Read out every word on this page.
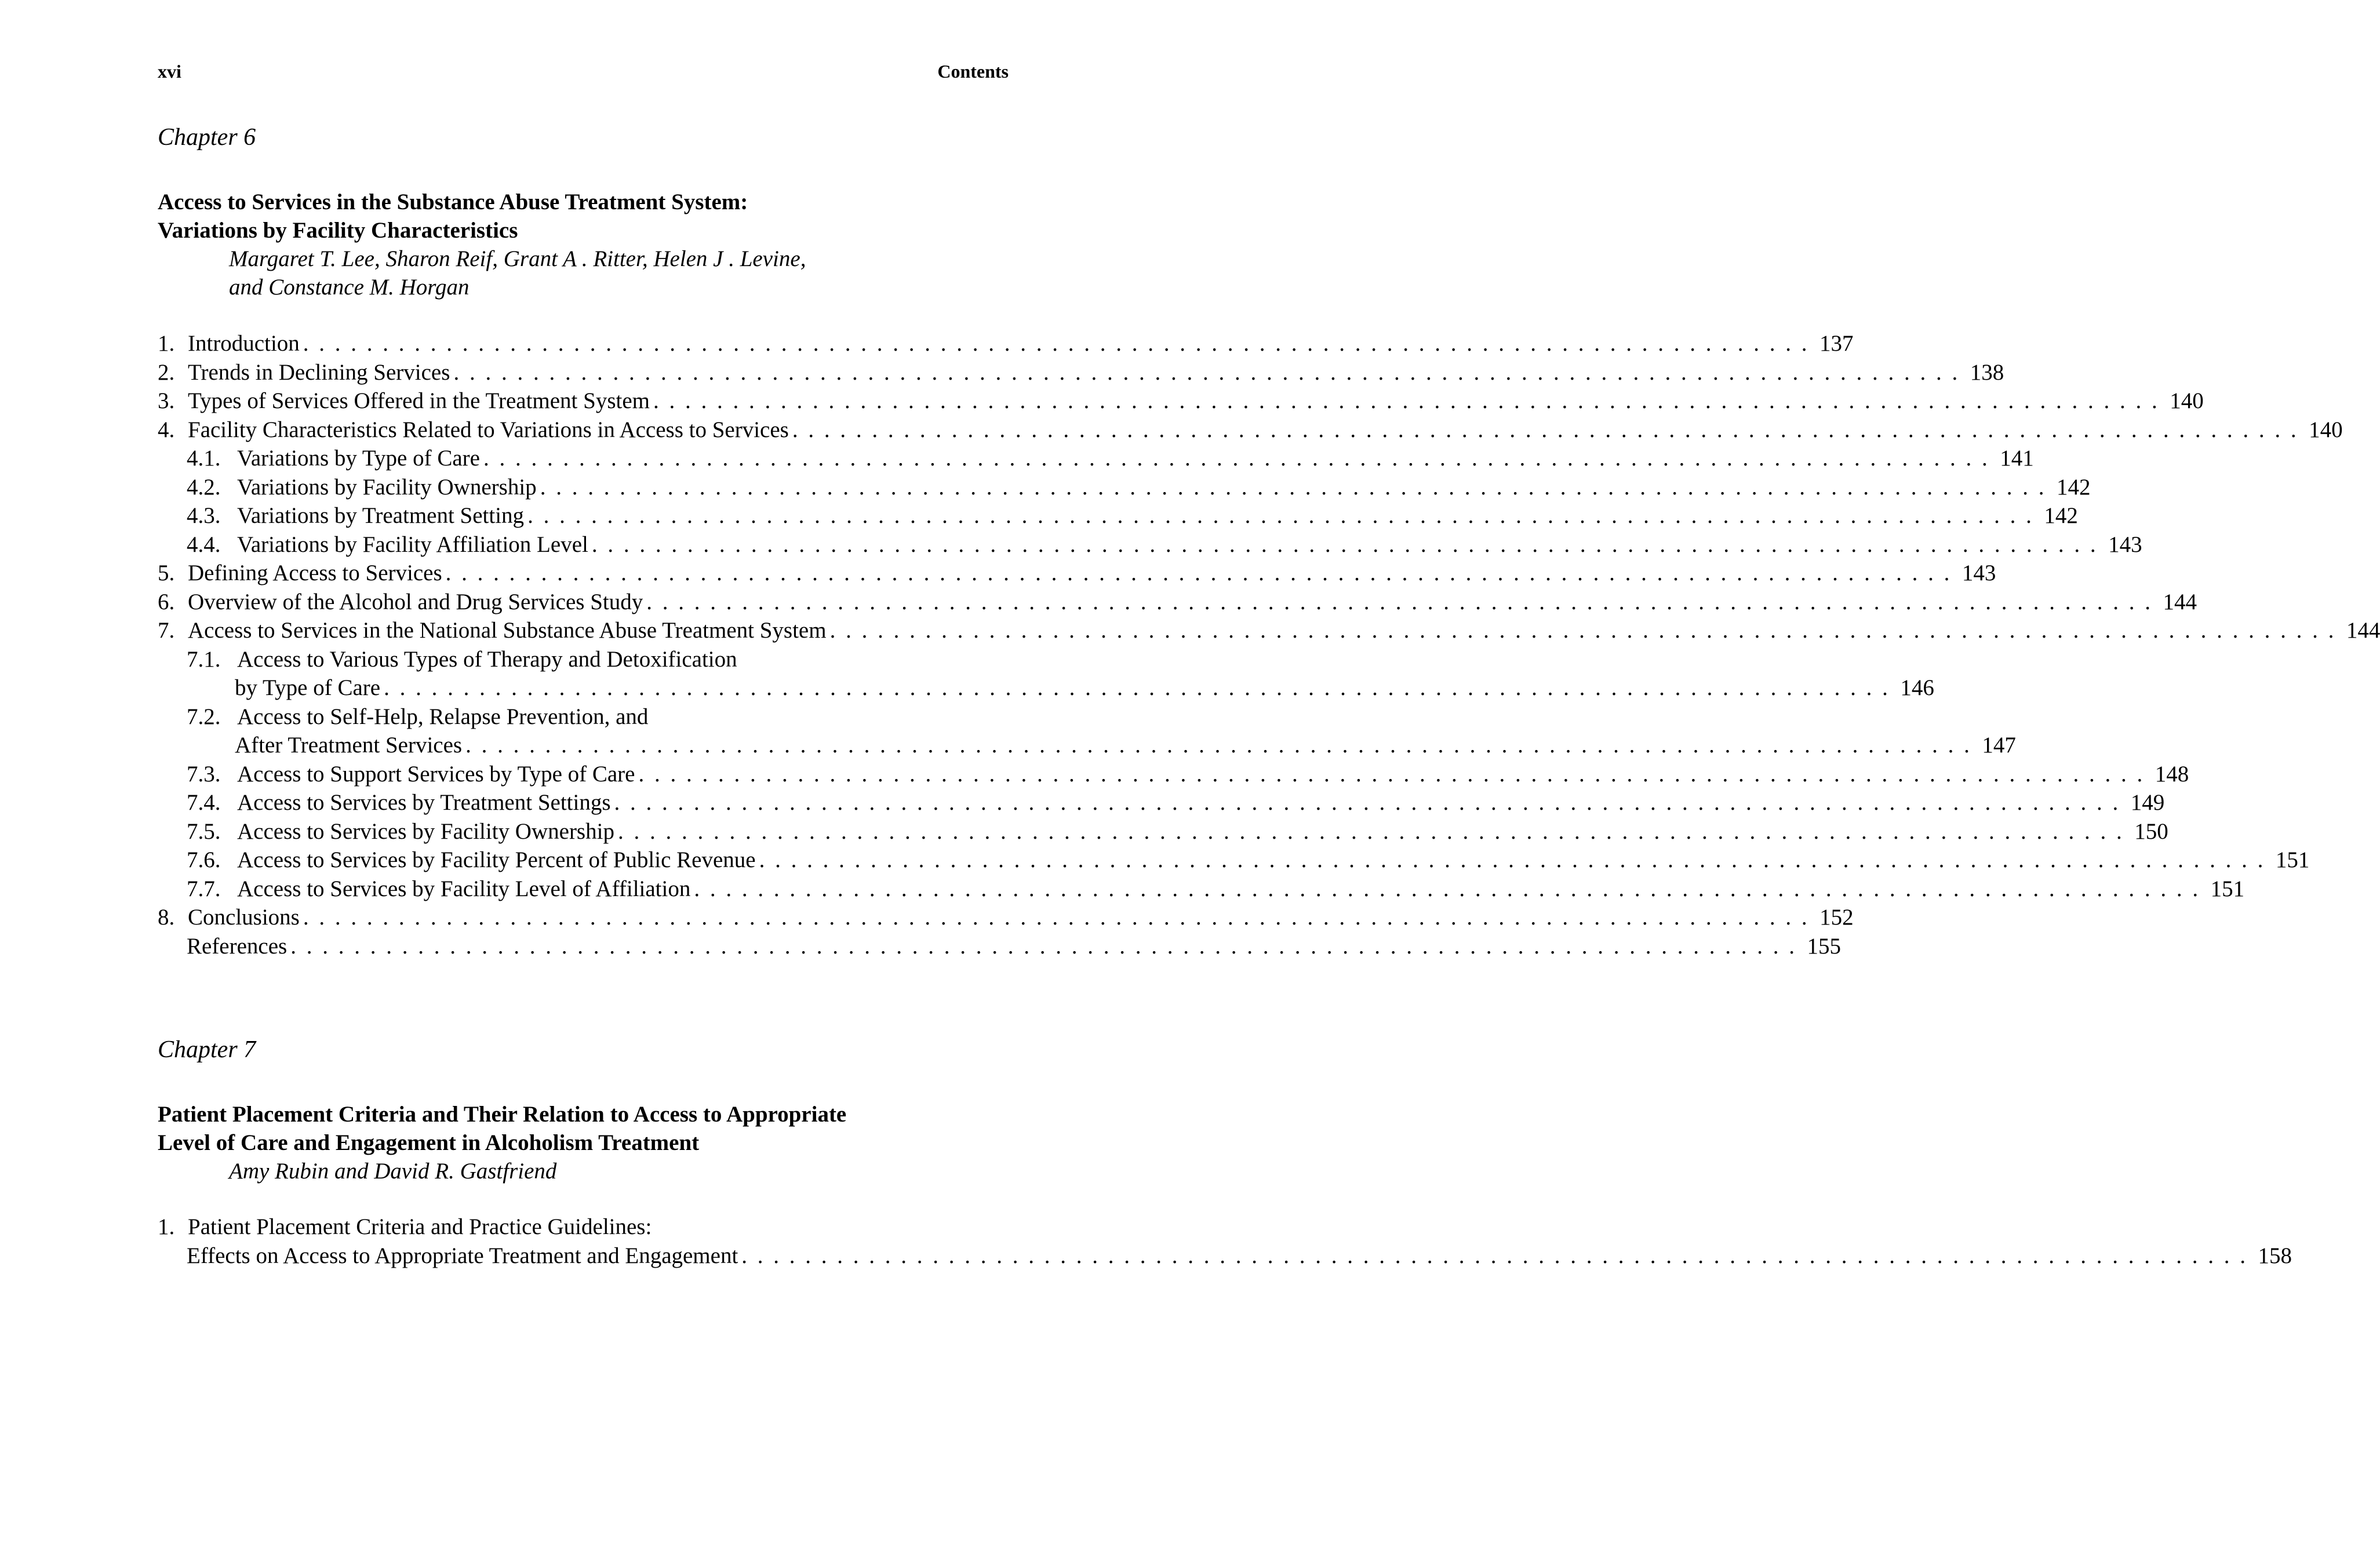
xvi	Contents
Chapter 6
Access to Services in the Substance Abuse Treatment System:
Variations by Facility Characteristics
Margaret T. Lee, Sharon Reif, Grant A . Ritter, Helen J . Levine,
and Constance M. Horgan
1. Introduction . . .	137
2. Trends in Declining Services . . .	138
3. Types of Services Offered in the Treatment System . . .	140
4. Facility Characteristics Related to Variations in Access to Services . . .	140
4.1. Variations by Type of Care . . .	141
4.2. Variations by Facility Ownership . . .	142
4.3. Variations by Treatment Setting . . .	142
4.4. Variations by Facility Affiliation Level . . .	143
5. Defining Access to Services . . .	143
6. Overview of the Alcohol and Drug Services Study . . .	144
7. Access to Services in the National Substance Abuse Treatment System . . .	144
7.1. Access to Various Types of Therapy and Detoxification
by Type of Care . . .	146
7.2. Access to Self-Help, Relapse Prevention, and
After Treatment Services . . .	147
7.3. Access to Support Services by Type of Care . . .	148
7.4. Access to Services by Treatment Settings . . .	149
7.5. Access to Services by Facility Ownership . . .	150
7.6. Access to Services by Facility Percent of Public Revenue . . .	151
7.7. Access to Services by Facility Level of Affiliation . . .	151
8. Conclusions . . .	152
References . . .	155
Chapter 7
Patient Placement Criteria and Their Relation to Access to Appropriate
Level of Care and Engagement in Alcoholism Treatment
Amy Rubin and David R. Gastfriend
1. Patient Placement Criteria and Practice Guidelines:
Effects on Access to Appropriate Treatment and Engagement . . .	158
